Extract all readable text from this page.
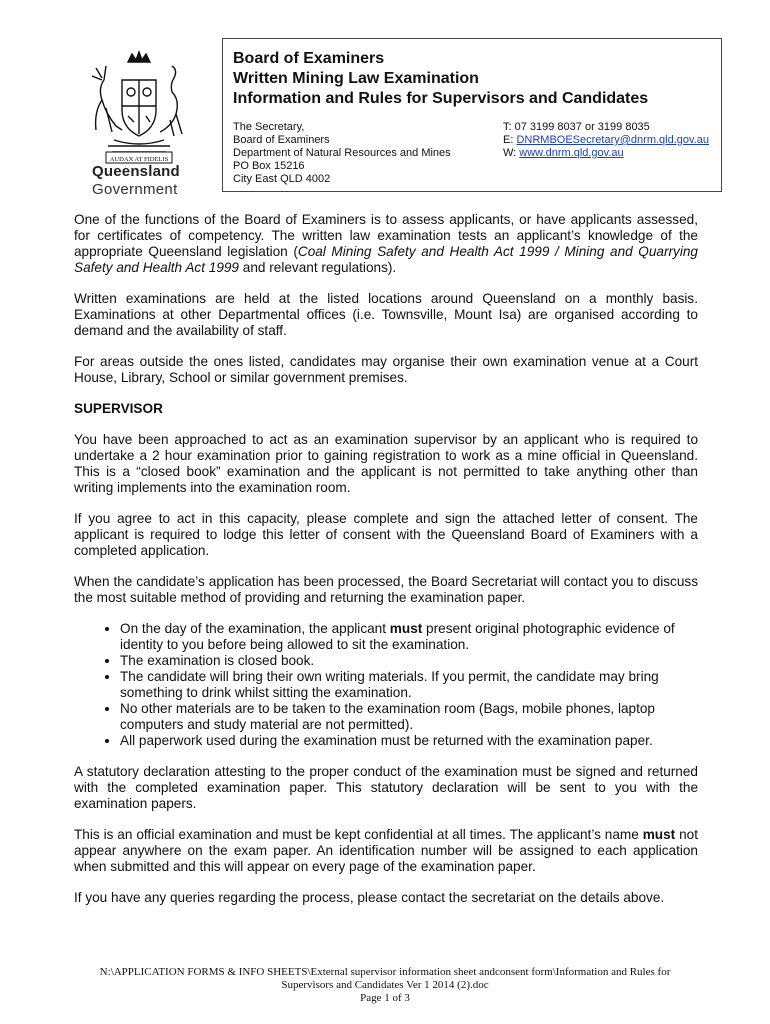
AUDAX AT FIDELIS
Queensland
Government
Board of Examiners
Written Mining Law Examination
Information and Rules for Supervisors and Candidates
The Secretary,
Board of Examiners
Department of Natural Resources and Mines
PO Box 15216
City East QLD 4002
T: 07 3199 8037 or 3199 8035
E: DNRMBOESecretary@dnrm.qld.gov.au
W: www.dnrm.qld.gov.au

One of the functions of the Board of Examiners is to assess applicants, or have applicants assessed, for certificates of competency. The written law examination tests an applicant’s knowledge of the appropriate Queensland legislation (Coal Mining Safety and Health Act 1999 / Mining and Quarrying Safety and Health Act 1999 and relevant regulations).

Written examinations are held at the listed locations around Queensland on a monthly basis. Examinations at other Departmental offices (i.e. Townsville, Mount Isa) are organised according to demand and the availability of staff.

For areas outside the ones listed, candidates may organise their own examination venue at a Court House, Library, School or similar government premises.

SUPERVISOR

You have been approached to act as an examination supervisor by an applicant who is required to undertake a 2 hour examination prior to gaining registration to work as a mine official in Queensland. This is a “closed book” examination and the applicant is not permitted to take anything other than writing implements into the examination room.

If you agree to act in this capacity, please complete and sign the attached letter of consent. The applicant is required to lodge this letter of consent with the Queensland Board of Examiners with a completed application.

When the candidate’s application has been processed, the Board Secretariat will contact you to discuss the most suitable method of providing and returning the examination paper.

• On the day of the examination, the applicant must present original photographic evidence of identity to you before being allowed to sit the examination.
• The examination is closed book.
• The candidate will bring their own writing materials. If you permit, the candidate may bring something to drink whilst sitting the examination.
• No other materials are to be taken to the examination room (Bags, mobile phones, laptop computers and study material are not permitted).
• All paperwork used during the examination must be returned with the examination paper.

A statutory declaration attesting to the proper conduct of the examination must be signed and returned with the completed examination paper. This statutory declaration will be sent to you with the examination papers.

This is an official examination and must be kept confidential at all times. The applicant’s name must not appear anywhere on the exam paper. An identification number will be assigned to each application when submitted and this will appear on every page of the examination paper.

If you have any queries regarding the process, please contact the secretariat on the details above.

N:\APPLICATION FORMS & INFO SHEETS\External supervisor information sheet andconsent form\Information and Rules for
Supervisors and Candidates Ver 1 2014 (2).doc
Page 1 of 3
